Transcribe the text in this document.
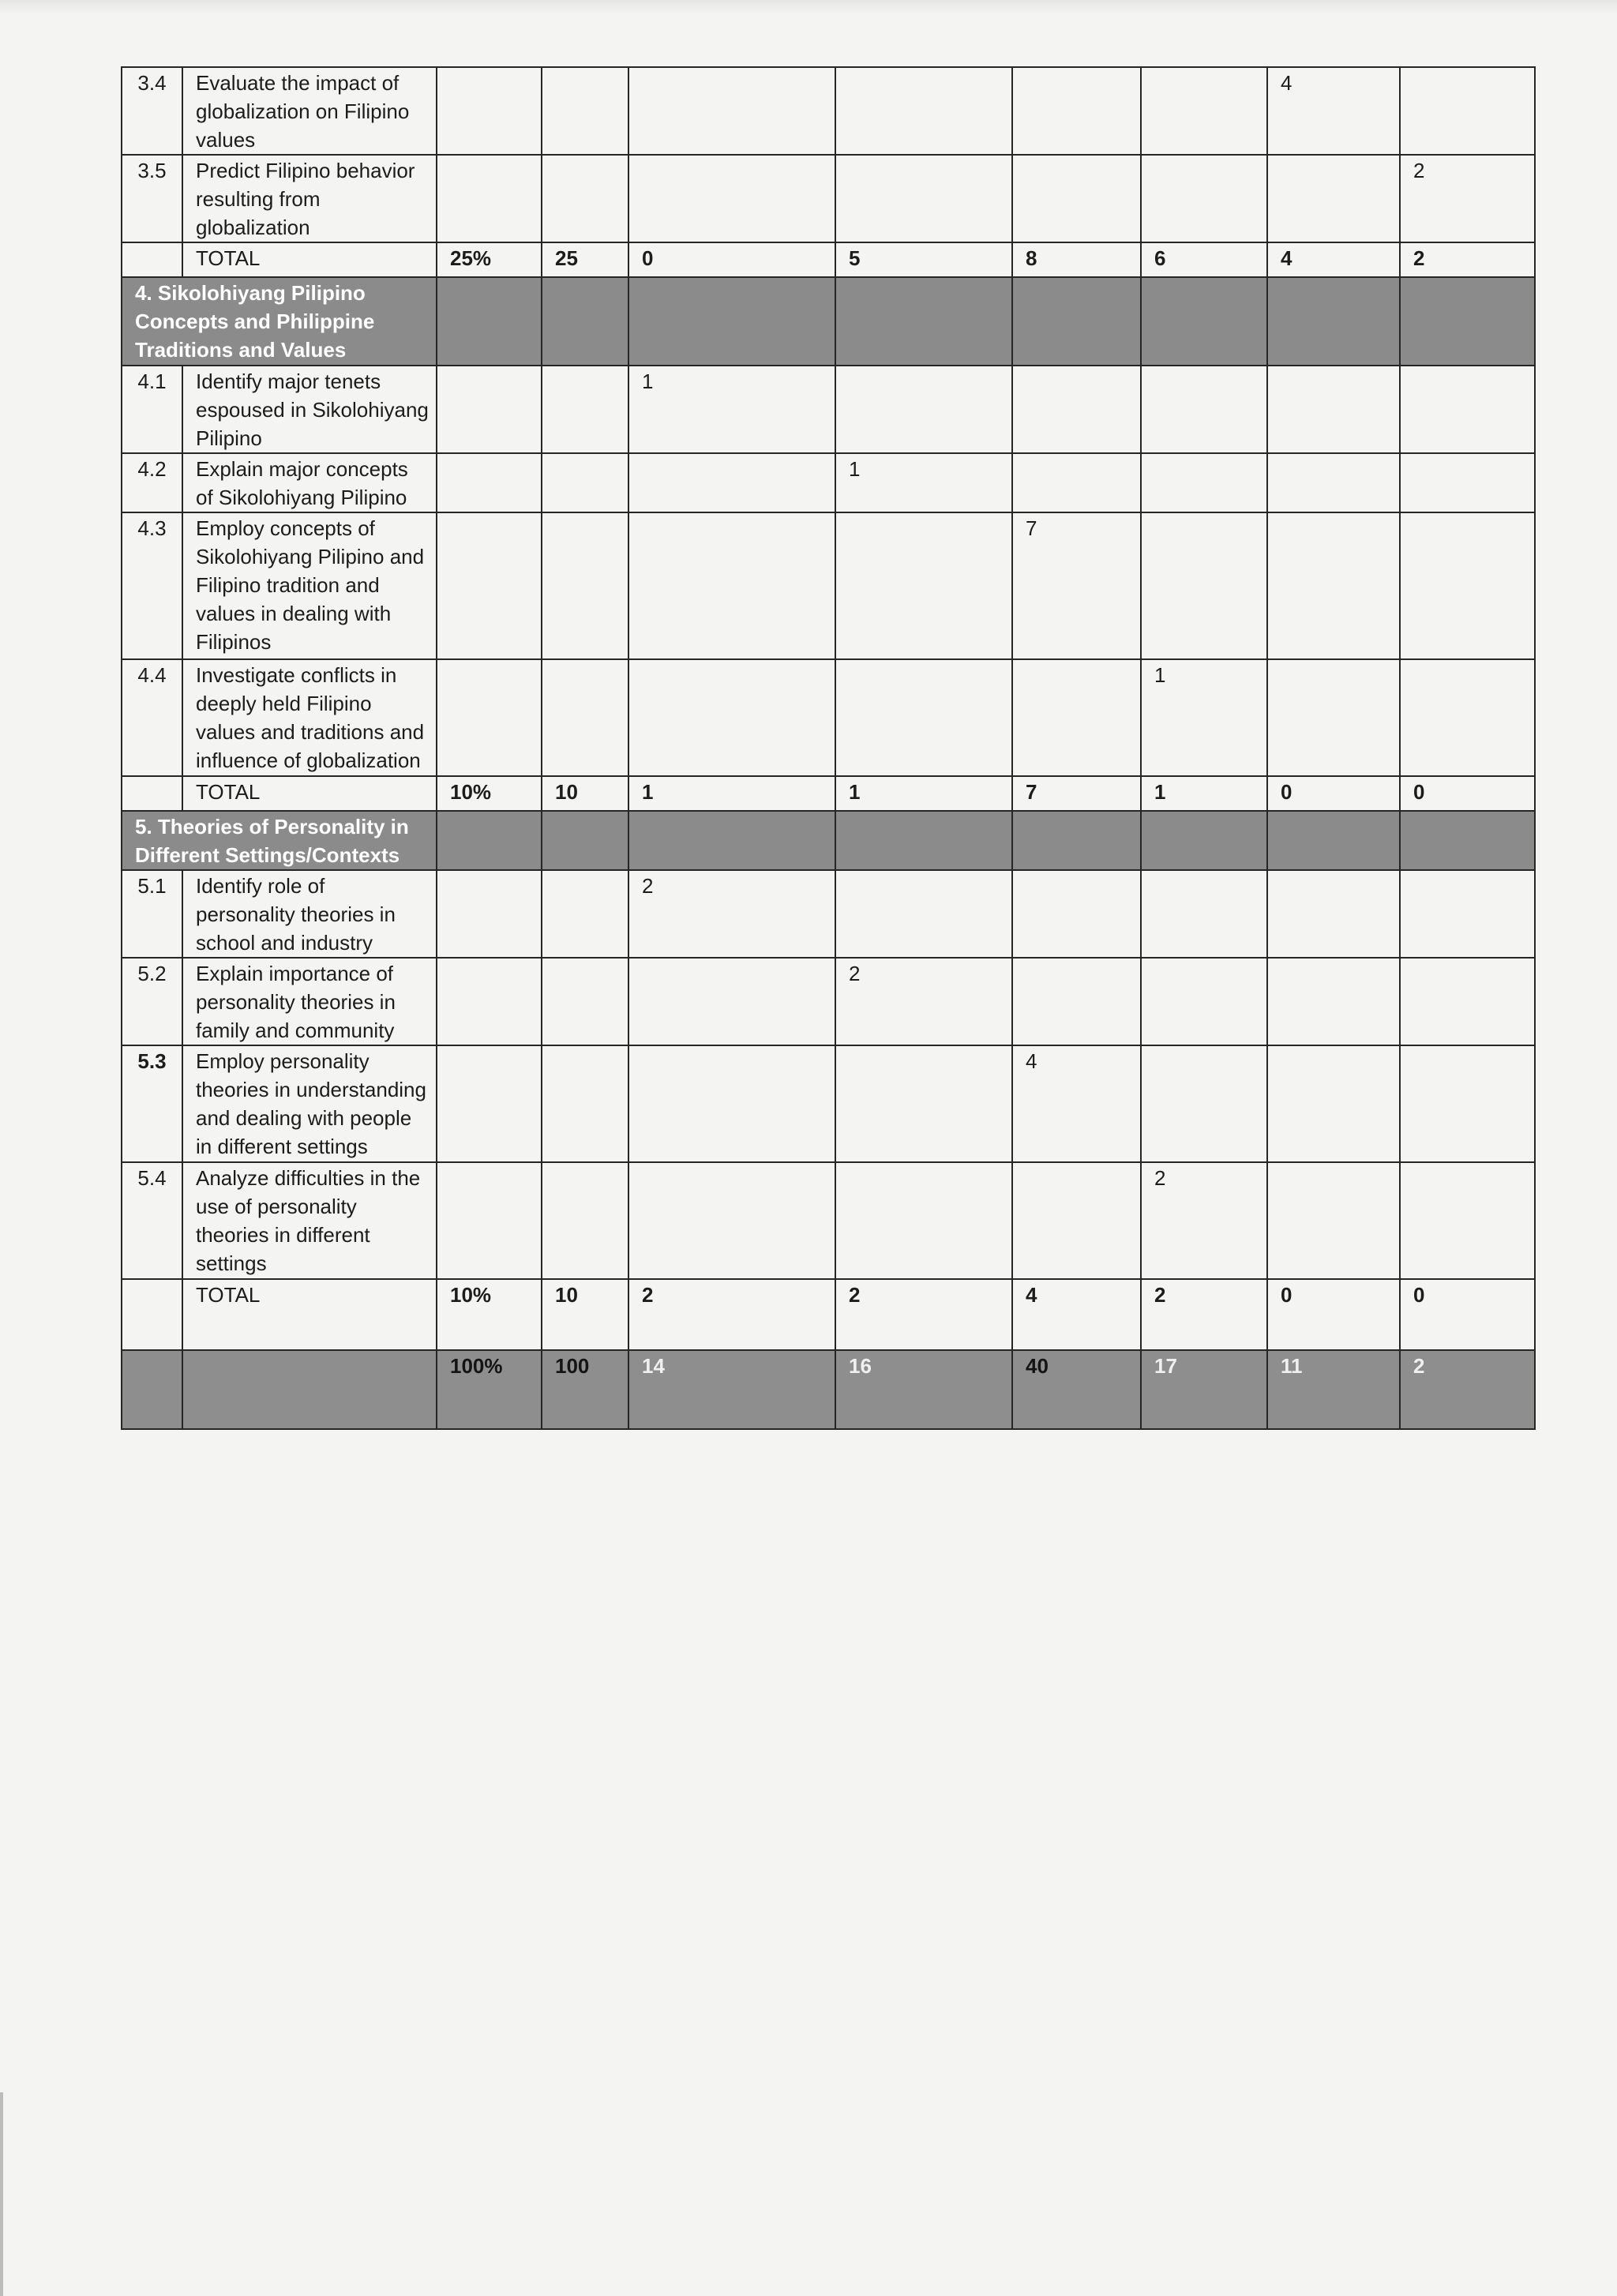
3.4	Evaluate the impact of globalization on Filipino values							4	
3.5	Predict Filipino behavior resulting from globalization								2
	TOTAL	25%	25	0	5	8	6	4	2
4. Sikolohiyang Pilipino Concepts and Philippine Traditions and Values									
4.1	Identify major tenets espoused in Sikolohiyang Pilipino			1					
4.2	Explain major concepts of Sikolohiyang Pilipino				1				
4.3	Employ concepts of Sikolohiyang Pilipino and Filipino tradition and values in dealing with Filipinos					7			
4.4	Investigate conflicts in deeply held Filipino values and traditions and influence of globalization						1		
	TOTAL	10%	10	1	1	7	1	0	0
5. Theories of Personality in Different Settings/Contexts									
5.1	Identify role of personality theories in school and industry			2					
5.2	Explain importance of personality theories in family and community				2				
5.3	Employ personality theories in understanding and dealing with people in different settings					4			
5.4	Analyze difficulties in the use of personality theories in different settings						2		
	TOTAL	10%	10	2	2	4	2	0	0
		100%	100	14	16	40	17	11	2
